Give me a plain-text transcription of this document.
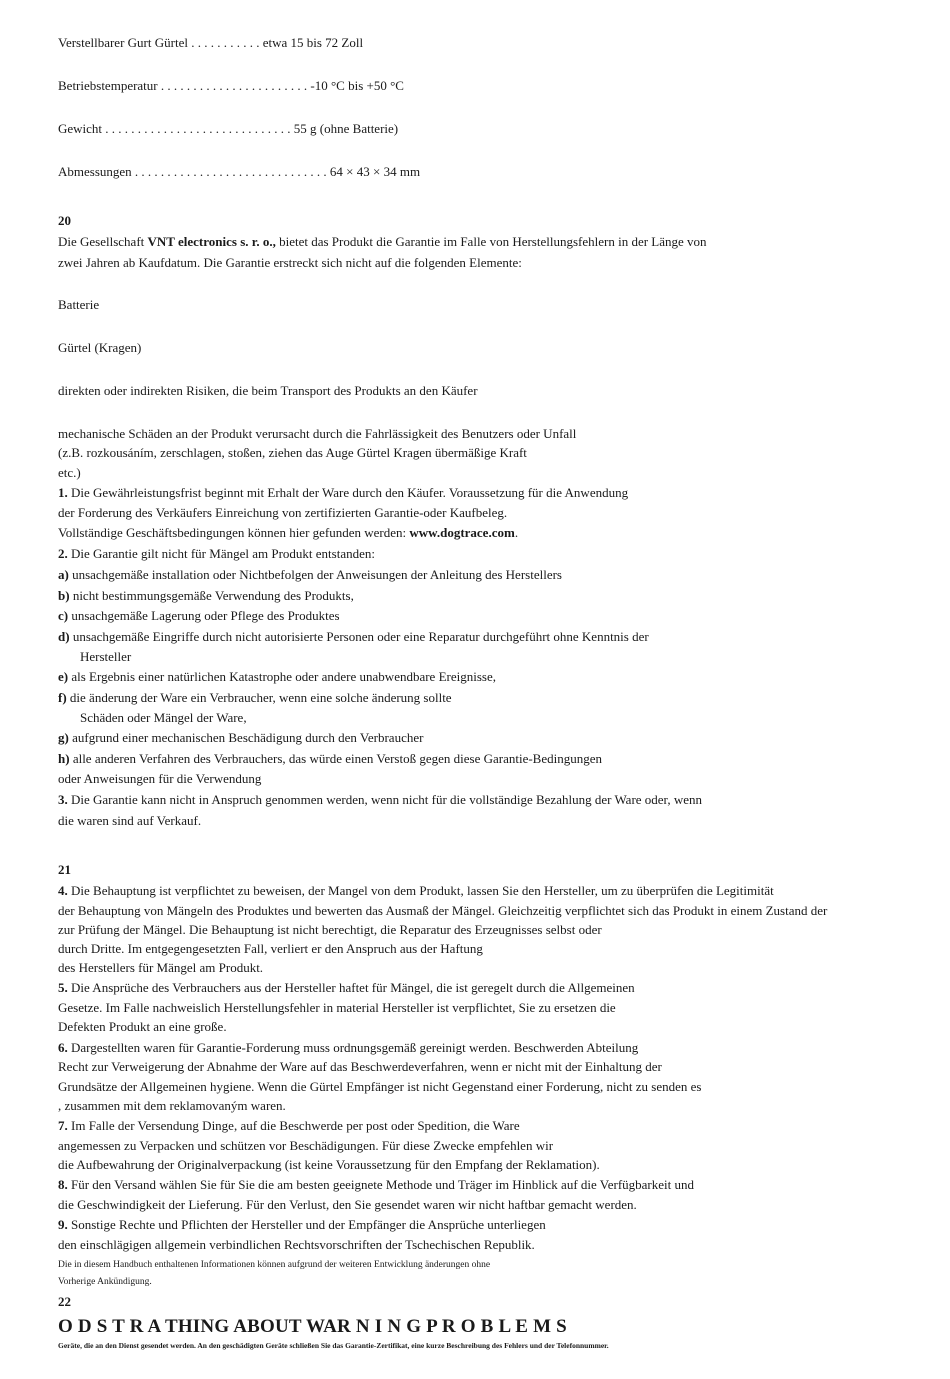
Verstellbarer Gurt Gürtel . . . . . . . . . . . etwa 15 bis 72 Zoll
Betriebstemperatur . . . . . . . . . . . . . . . . . . . . . . . -10 °C bis +50 °C
Gewicht . . . . . . . . . . . . . . . . . . . . . . . . . . . . . 55 g (ohne Batterie)
Abmessungen . . . . . . . . . . . . . . . . . . . . . . . . . . . . . . 64 × 43 × 34 mm
20
Die Gesellschaft VNT electronics s. r. o., bietet das Produkt die Garantie im Falle von Herstellungsfehlern in der Länge von
zwei Jahren ab Kaufdatum. Die Garantie erstreckt sich nicht auf die folgenden Elemente:
Batterie
Gürtel (Kragen)
direkten oder indirekten Risiken, die beim Transport des Produkts an den Käufer
mechanische Schäden an der Produkt verursacht durch die Fahrlässigkeit des Benutzers oder Unfall
(z.B. rozkousáním, zerschlagen, stoßen, ziehen das Auge Gürtel Kragen übermäßige Kraft
etc.)
1. Die Gewährleistungsfrist beginnt mit Erhalt der Ware durch den Käufer. Voraussetzung für die Anwendung
der Forderung des Verkäufers Einreichung von zertifizierten Garantie-oder Kaufbeleg.
Vollständige Geschäftsbedingungen können hier gefunden werden: www.dogtrace.com.
2. Die Garantie gilt nicht für Mängel am Produkt entstanden:
a) unsachgemäße installation oder Nichtbefolgen der Anweisungen der Anleitung des Herstellers
b) nicht bestimmungsgemäße Verwendung des Produkts,
c) unsachgemäße Lagerung oder Pflege des Produktes
d) unsachgemäße Eingriffe durch nicht autorisierte Personen oder eine Reparatur durchgeführt ohne Kenntnis der
Hersteller
e) als Ergebnis einer natürlichen Katastrophe oder andere unabwendbare Ereignisse,
f) die änderung der Ware ein Verbraucher, wenn eine solche änderung sollte
Schäden oder Mängel der Ware,
g) aufgrund einer mechanischen Beschädigung durch den Verbraucher
h) alle anderen Verfahren des Verbrauchers, das würde einen Verstoß gegen diese Garantie-Bedingungen
oder Anweisungen für die Verwendung
3. Die Garantie kann nicht in Anspruch genommen werden, wenn nicht für die vollständige Bezahlung der Ware oder, wenn
die waren sind auf Verkauf.
21
4. Die Behauptung ist verpflichtet zu beweisen, der Mangel von dem Produkt, lassen Sie den Hersteller, um zu überprüfen die Legitimität
der Behauptung von Mängeln des Produktes und bewerten das Ausmaß der Mängel. Gleichzeitig verpflichtet sich das Produkt in einem Zustand der
zur Prüfung der Mängel. Die Behauptung ist nicht berechtigt, die Reparatur des Erzeugnisses selbst oder
durch Dritte. Im entgegengesetzten Fall, verliert er den Anspruch aus der Haftung
des Herstellers für Mängel am Produkt.
5. Die Ansprüche des Verbrauchers aus der Hersteller haftet für Mängel, die ist geregelt durch die Allgemeinen
Gesetze. Im Falle nachweislich Herstellungsfehler in material Hersteller ist verpflichtet, Sie zu ersetzen die
Defekten Produkt an eine große.
6. Dargestellten waren für Garantie-Forderung muss ordnungsgemäß gereinigt werden. Beschwerden Abteilung
Recht zur Verweigerung der Abnahme der Ware auf das Beschwerdeverfahren, wenn er nicht mit der Einhaltung der
Grundsätze der Allgemeinen hygiene. Wenn die Gürtel Empfänger ist nicht Gegenstand einer Forderung, nicht zu senden es
, zusammen mit dem reklamovaným waren.
7. Im Falle der Versendung Dinge, auf die Beschwerde per post oder Spedition, die Ware
angemessen zu Verpacken und schützen vor Beschädigungen. Für diese Zwecke empfehlen wir
die Aufbewahrung der Originalverpackung (ist keine Voraussetzung für den Empfang der Reklamation).
8. Für den Versand wählen Sie für Sie die am besten geeignete Methode und Träger im Hinblick auf die Verfügbarkeit und
die Geschwindigkeit der Lieferung. Für den Verlust, den Sie gesendet waren wir nicht haftbar gemacht werden.
9. Sonstige Rechte und Pflichten der Hersteller und der Empfänger die Ansprüche unterliegen
den einschlägigen allgemein verbindlichen Rechtsvorschriften der Tschechischen Republik.
Die in diesem Handbuch enthaltenen Informationen können aufgrund der weiteren Entwicklung änderungen ohne
Vorherige Ankündigung.
22
O D S T R A THING ABOUT WAR N I N G P R O B L E M S
Geräte, die an den Dienst gesendet werden. An den geschädigten Geräte schließen Sie das Garantie-Zertifikat, eine kurze Beschreibung des Fehlers und der Telefonnummer.
